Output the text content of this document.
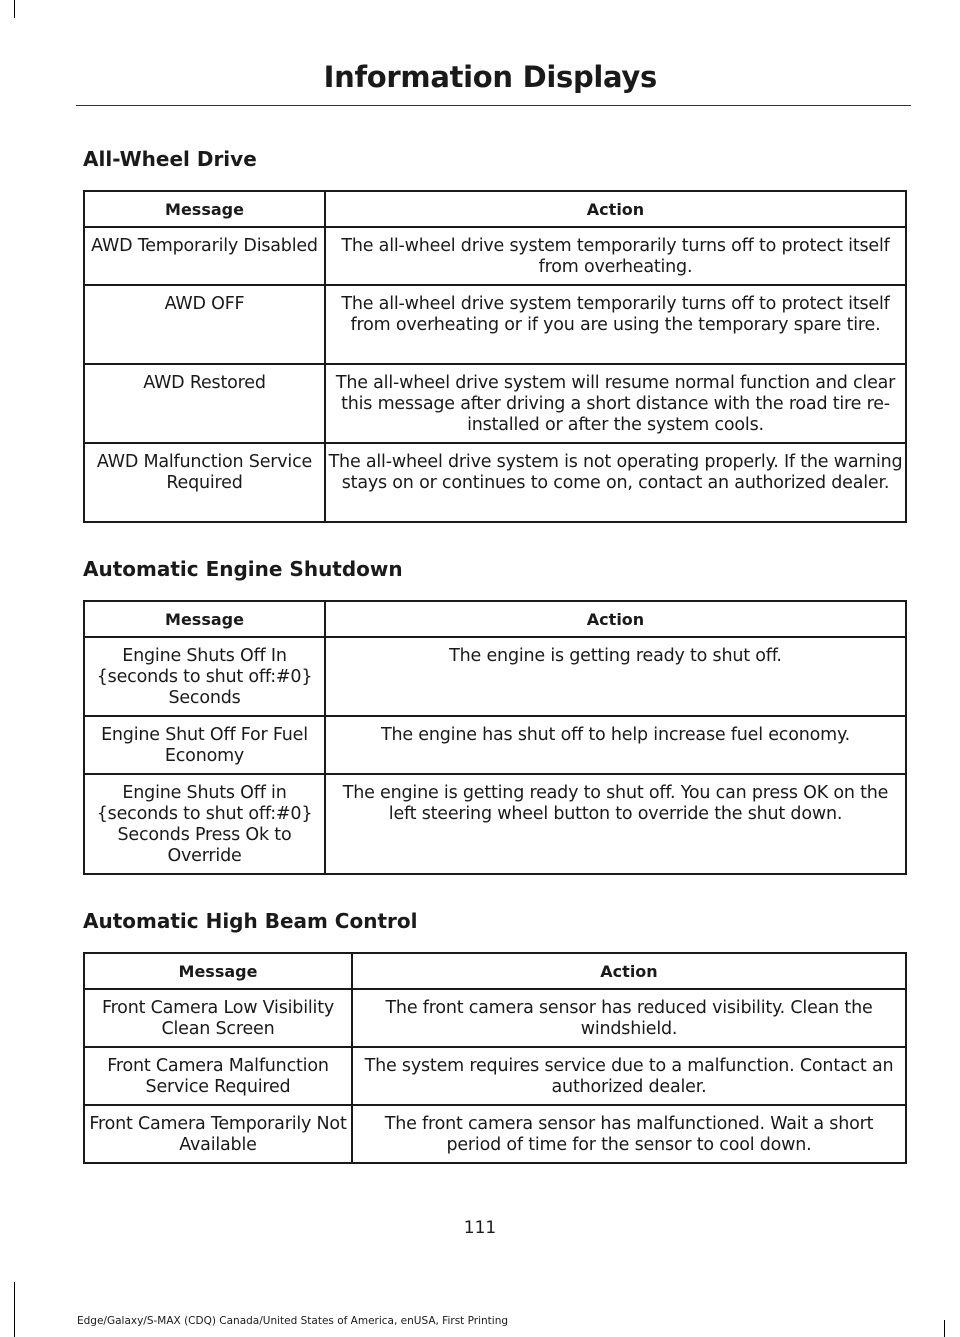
Information Displays
All-Wheel Drive
Message	Action
AWD Temporarily Disabled	The all-wheel drive system temporarily turns off to protect itself from overheating.
AWD OFF	The all-wheel drive system temporarily turns off to protect itself from overheating or if you are using the temporary spare tire.
AWD Restored	The all-wheel drive system will resume normal function and clear this message after driving a short distance with the road tire re-installed or after the system cools.
AWD Malfunction Service Required	The all-wheel drive system is not operating properly. If the warning stays on or continues to come on, contact an authorized dealer.
Automatic Engine Shutdown
Message	Action
Engine Shuts Off In {seconds to shut off:#0} Seconds	The engine is getting ready to shut off.
Engine Shut Off For Fuel Economy	The engine has shut off to help increase fuel economy.
Engine Shuts Off in {seconds to shut off:#0} Seconds Press Ok to Override	The engine is getting ready to shut off. You can press OK on the left steering wheel button to override the shut down.
Automatic High Beam Control
Message	Action
Front Camera Low Visibility Clean Screen	The front camera sensor has reduced visibility. Clean the windshield.
Front Camera Malfunction Service Required	The system requires service due to a malfunction. Contact an authorized dealer.
Front Camera Temporarily Not Available	The front camera sensor has malfunctioned. Wait a short period of time for the sensor to cool down.
111
Edge/Galaxy/S-MAX (CDQ) Canada/United States of America, enUSA, First Printing
